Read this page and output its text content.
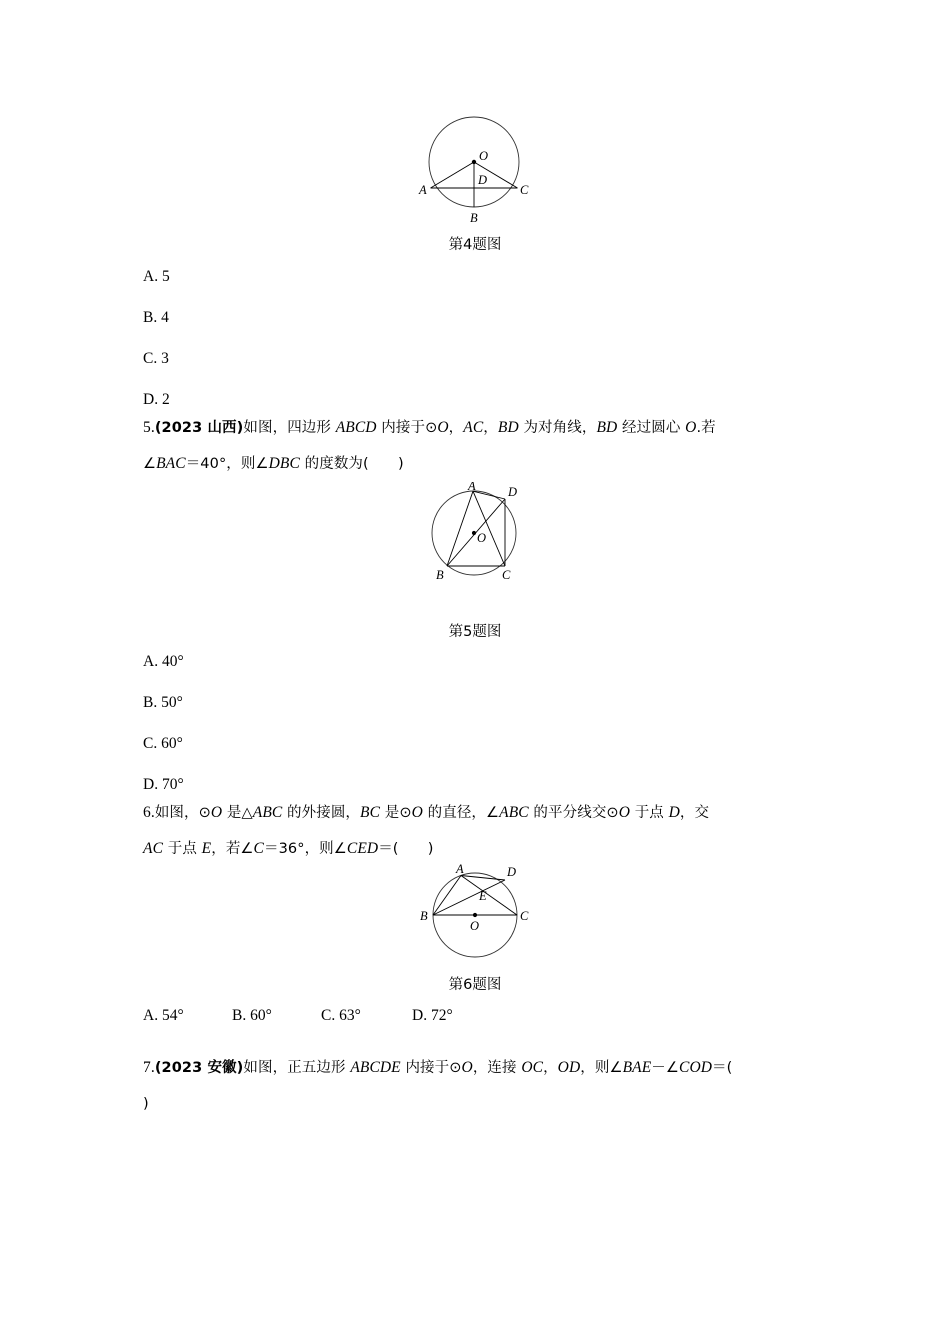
O
D
A
B
C
第4题图
A. 5
B. 4
C. 3
D. 2
5.(2023 山西)如图，四边形 ABCD 内接于⊙O，AC，BD 为对角线，BD 经过圆心 O.若
∠BAC＝40°，则∠DBC 的度数为(　　)
A	D
O
B	C
第5题图
A. 40°
B. 50°
C. 60°
D. 70°
6.如图，⊙O 是△ABC 的外接圆，BC 是⊙O 的直径，∠ABC 的平分线交⊙O 于点 D，交
AC 于点 E，若∠C＝36°，则∠CED＝(　　)
A	D
B
E
O
C
第6题图
A. 54°	B. 60°	C. 63°	D. 72°
7.(2023 安徽)如图，正五边形 ABCDE 内接于⊙O，连接 OC，OD，则∠BAE－∠COD＝(
)
